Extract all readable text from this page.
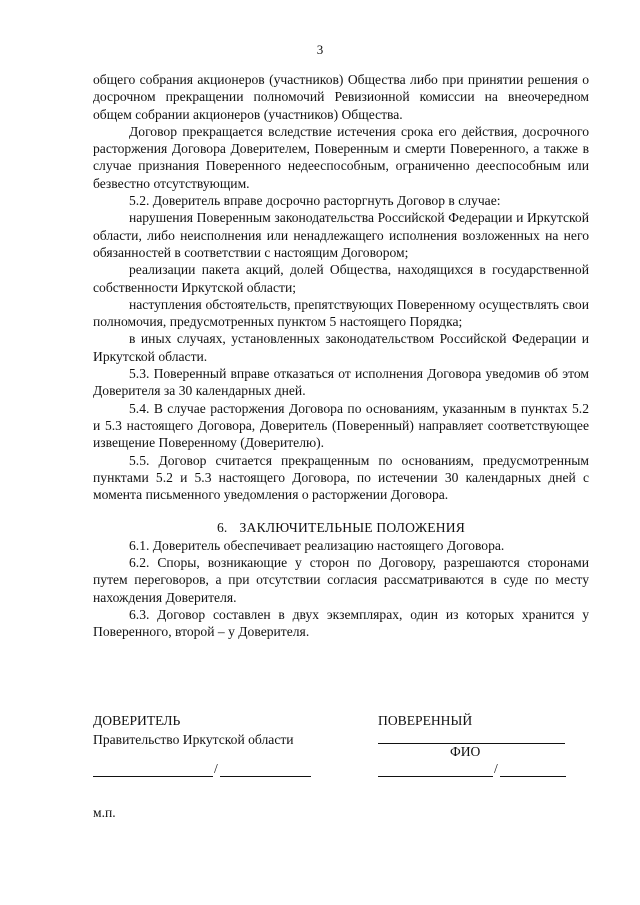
3

общего собрания акционеров (участников) Общества либо при принятии решения о досрочном прекращении полномочий Ревизионной комиссии на внеочередном общем собрании акционеров (участников) Общества.

Договор прекращается вследствие истечения срока его действия, досрочного расторжения Договора Доверителем, Поверенным и смерти Поверенного, а также в случае признания Поверенного недееспособным, ограниченно дееспособным или безвестно отсутствующим.

5.2. Доверитель вправе досрочно расторгнуть Договор в случае:

нарушения Поверенным законодательства Российской Федерации и Иркутской области, либо неисполнения или ненадлежащего исполнения возложенных на него обязанностей в соответствии с настоящим Договором;

реализации пакета акций, долей Общества, находящихся в государственной собственности Иркутской области;

наступления обстоятельств, препятствующих Поверенному осуществлять свои полномочия, предусмотренных пунктом 5 настоящего Порядка;

в иных случаях, установленных законодательством Российской Федерации и Иркутской области.

5.3. Поверенный вправе отказаться от исполнения Договора уведомив об этом Доверителя за 30 календарных дней.

5.4. В случае расторжения Договора по основаниям, указанным в пунктах 5.2 и 5.3 настоящего Договора, Доверитель (Поверенный) направляет соответствующее извещение Поверенному (Доверителю).

5.5. Договор считается прекращенным по основаниям, предусмотренным пунктами 5.2 и 5.3 настоящего Договора, по истечении 30 календарных дней с момента письменного уведомления о расторжении Договора.

6. ЗАКЛЮЧИТЕЛЬНЫЕ ПОЛОЖЕНИЯ

6.1. Доверитель обеспечивает реализацию настоящего Договора.

6.2. Споры, возникающие у сторон по Договору, разрешаются сторонами путем переговоров, а при отсутствии согласия рассматриваются в суде по месту нахождения Доверителя.

6.3. Договор составлен в двух экземплярах, один из которых хранится у Поверенного, второй – у Доверителя.

ДОВЕРИТЕЛЬ
Правительство Иркутской области
ПОВЕРЕННЫЙ
ФИО
/	/
м.п.
